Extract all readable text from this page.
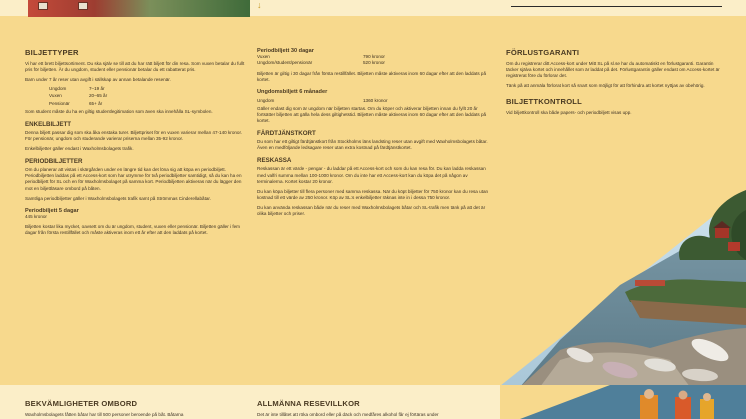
↓
BILJETTYPER
Vi har ett brett biljettsortiment. Du ska själv se till att du har rätt biljett för din resa. Som vuxen betalar du fullt pris för biljetten. Är du ungdom, student eller pensionär betalar du ett rabatterat pris.
Barn under 7 år reser utan avgift i sällskap av annan betalande resenär.
Ungdom	7–19 år
Vuxen	20–65 år
Pensionär	65+ år
Som student måste du ha en giltig studentlegitimation som även ska innehålla SL-symbolen.
ENKELBILJETT
Denna biljett passar dig som ska åka enstaka turer. Biljettpriset för en vuxen varierar mellan 47-140 kronor. För pensionär, ungdom och studerande varierar priserna mellan 35-92 kronor.
Enkelbiljetter gäller endast i Waxholmsbolagets trafik.
PERIODBILJETTER
Om du planerar att vistas i skärgården under en längre tid kan det löna sig att köpa en periodbiljett. Periodbiljetten laddas på ett Access-kort som har utrymme för två periodbiljetter samtidigt, så du kan ha en periodbiljett för SL och en för Waxholmsbolaget på samma kort. Periodbiljetten aktiveras när du lägger den mot en biljettläsare ombord på båten.
Samtliga periodbiljetter gäller i Waxholmsbolagets trafik samt på Strömmas Cinderellabåtar.
Periodbiljett 5 dagar
445 kronor
Biljetten kostar lika mycket, oavsett om du är ungdom, student, vuxen eller pensionär. Biljetten gäller i fem dagar från första restillfället och måste aktiveras inom ett år efter att den laddats på kortet.
Periodbiljett 30 dagar
Vuxen	790 kronor
Ungdom/student/pensionär	520 kronor
Biljetten är giltig i 30 dagar från första restillfället. Biljetten måste aktiveras inom 60 dagar efter att den laddats på kortet.
Ungdomsbiljett 6 månader
Ungdom	1360 kronor
Gäller endast dig som är ungdom när biljetten startas. Om du köper och aktiverar biljetten innan du fyllt 20 år fortsätter biljetten att gälla hela dess giltighetstid. Biljetten måste aktiveras inom 60 dagar efter att den laddats på kortet.
FÄRDTJÄNSTKORT
Du som har ett giltigt färdtjänstkort från Stockholms läns landsting reser utan avgift med Waxholmsbolagets båtar. Även en medföljande ledsagare reser utan extra kostnad på färdtjänstkortet.
RESKASSA
Reskassan är ett värde - pengar - du laddar på ett Access-kort och som du kan resa för. Du kan ladda reskassan med valfri summa mellan 100-1000 kronor. Om du inte har ett Access-kort kan du köpa det på någon av terminalerna. Kortet kostar 20 kronor.
Du kan köpa biljetter till flera personer med samma reskassa. När du köpt biljetter för 750 kronor kan du resa utan kostnad till ett värde av 250 kronor. Köp av SL:s enkelbiljetter räknas inte in i dessa 750 kronor.
Du kan använda reskassan både när du reser med Waxholmsbolagets båtar och SL-trafik men tänk på att det är olika biljetter och priser.
FÖRLUSTGARANTI
Om du registrerar ditt Access-kort under Mitt SL på sl.se har du automatiskt en förlustgaranti. Garantin täcker själva kortet och innehållet som är laddat på det. Förlustgarantin gäller endast om Access-kortet är registrerat före du förlorar det.
Tänk på att anmäla förlorat kort så snart som möjligt för att förhindra att kortet nyttjas av obehörig.
BILJETTKONTROLL
Vid biljettkontroll ska både papers- och periodbiljett visas upp.
BEKVÄMLIGHETER OMBORD
Waxholmsbolagets fåtten båtar har till 500 personer beroende på båt. Båtarna
ALLMÄNNA RESEVILLKOR
Det är inte tillåtet att röka ombord eller på däck och medfåres alkohol får ej förtäras under
